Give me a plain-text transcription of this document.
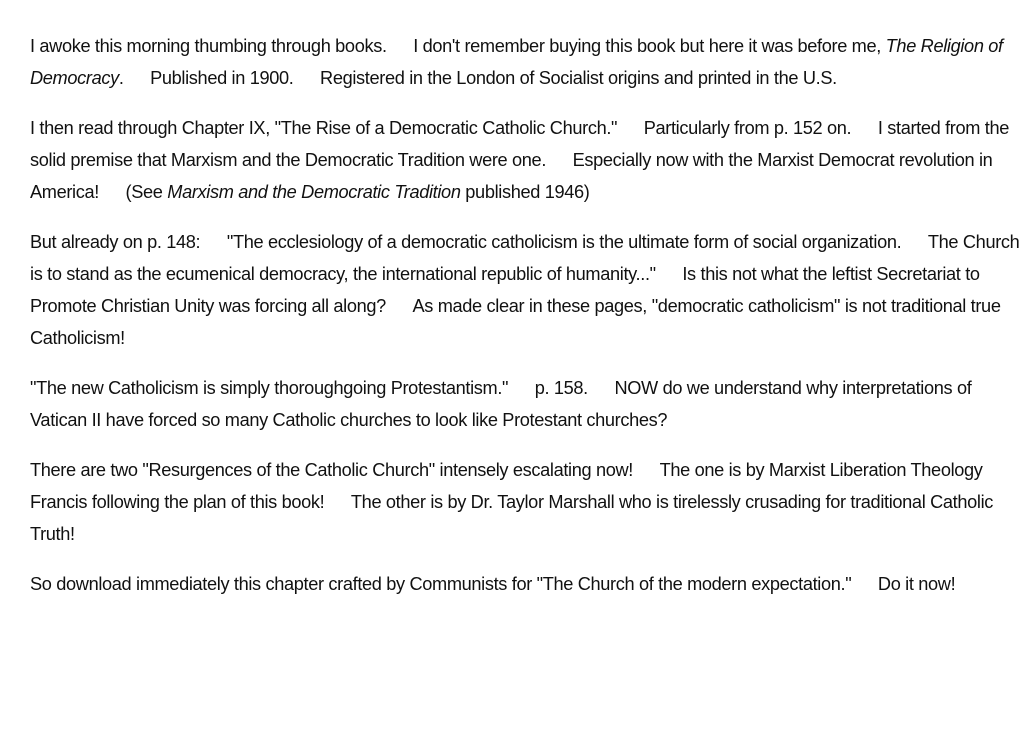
I awoke this morning thumbing through books.  I don't remember buying this book but here it was before me, The Religion of Democracy.  Published in 1900.  Registered in the London of Socialist origins and printed in the U.S.

I then read through Chapter IX, "The Rise of a Democratic Catholic Church."  Particularly from p. 152 on.  I started from the solid premise that Marxism and the Democratic Tradition were one.  Especially now with the Marxist Democrat revolution in America!  (See Marxism and the Democratic Tradition published 1946)

But already on p. 148:  "The ecclesiology of a democratic catholicism is the ultimate form of social organization.  The Church is to stand as the ecumenical democracy, the international republic of humanity..."  Is this not what the leftist Secretariat to Promote Christian Unity was forcing all along?  As made clear in these pages, "democratic catholicism" is not traditional true Catholicism!

"The new Catholicism is simply thoroughgoing Protestantism."  p. 158.  NOW do we understand why interpretations of Vatican II have forced so many Catholic churches to look like Protestant churches?

There are two "Resurgences of the Catholic Church" intensely escalating now!  The one is by Marxist Liberation Theology Francis following the plan of this book!  The other is by Dr. Taylor Marshall who is tirelessly crusading for traditional Catholic Truth!

So download immediately this chapter crafted by Communists for "The Church of the modern expectation."  Do it now!
